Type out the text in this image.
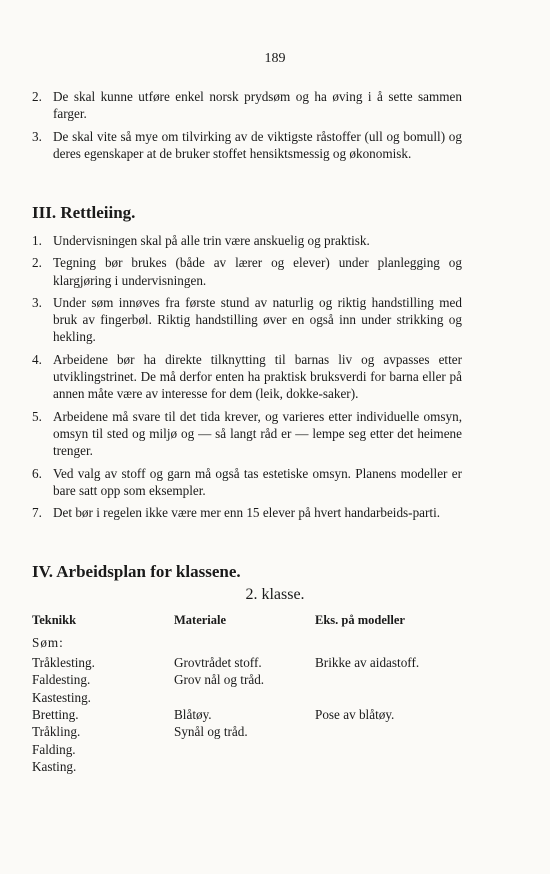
189
2. De skal kunne utføre enkel norsk prydsøm og ha øving i å sette sammen farger.
3. De skal vite så mye om tilvirking av de viktigste råstoffer (ull og bomull) og deres egenskaper at de bruker stoffet hensiktsmessig og økonomisk.
III. Rettleiing.
1. Undervisningen skal på alle trin være anskuelig og praktisk.
2. Tegning bør brukes (både av lærer og elever) under planlegging og klargjøring i undervisningen.
3. Under søm innøves fra første stund av naturlig og riktig handstilling med bruk av fingerbøl. Riktig handstilling øver en også inn under strikking og hekling.
4. Arbeidene bør ha direkte tilknytting til barnas liv og avpasses etter utviklingstrinet. De må derfor enten ha praktisk bruksverdi for barna eller på annen måte være av interesse for dem (leik, dokke-saker).
5. Arbeidene må svare til det tida krever, og varieres etter individuelle omsyn, omsyn til sted og miljø og — så langt råd er — lempe seg etter det heimene trenger.
6. Ved valg av stoff og garn må også tas estetiske omsyn. Planens modeller er bare satt opp som eksempler.
7. Det bør i regelen ikke være mer enn 15 elever på hvert handarbeids-parti.
IV. Arbeidsplan for klassene.
2. klasse.
Teknikk	Materiale	Eks. på modeller
Søm:
Tråklesting.
Faldesting.
Kastesting.
Grovtrådet stoff.
Grov nål og tråd.
Brikke av aidastoff.
Bretting.
Tråkling.
Falding.
Kasting.
Blåtøy.
Synål og tråd.
Pose av blåtøy.
